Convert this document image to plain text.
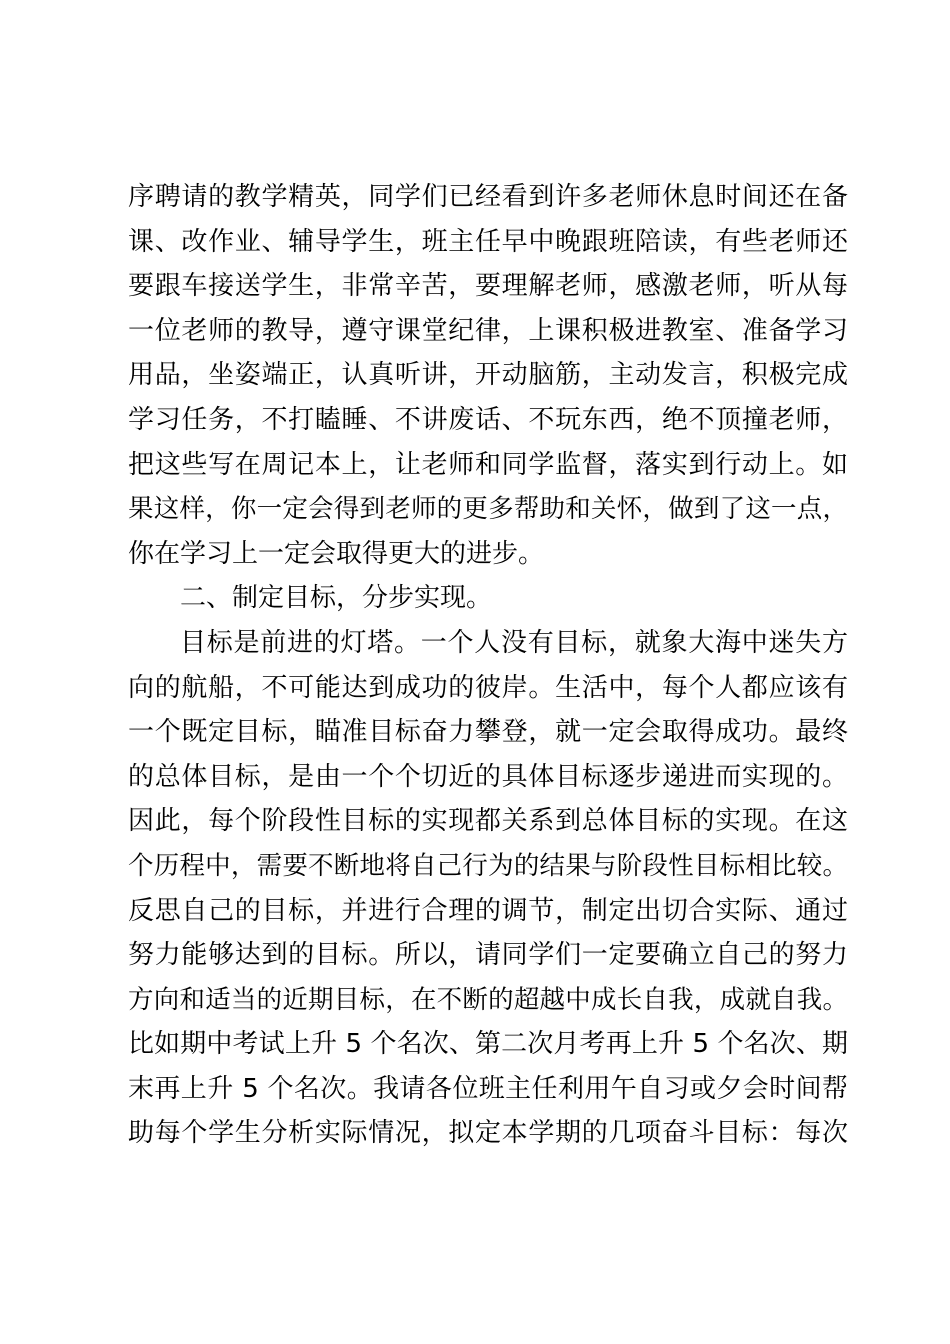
序聘请的教学精英，同学们已经看到许多老师休息时间还在备
课、改作业、辅导学生，班主任早中晚跟班陪读，有些老师还
要跟车接送学生，非常辛苦，要理解老师，感激老师，听从每
一位老师的教导，遵守课堂纪律，上课积极进教室、准备学习
用品，坐姿端正，认真听讲，开动脑筋，主动发言，积极完成
学习任务，不打瞌睡、不讲废话、不玩东西，绝不顶撞老师，
把这些写在周记本上，让老师和同学监督，落实到行动上。如
果这样，你一定会得到老师的更多帮助和关怀，做到了这一点，
你在学习上一定会取得更大的进步。
二、制定目标，分步实现。
目标是前进的灯塔。一个人没有目标，就象大海中迷失方
向的航船，不可能达到成功的彼岸。生活中，每个人都应该有
一个既定目标，瞄准目标奋力攀登，就一定会取得成功。最终
的总体目标，是由一个个切近的具体目标逐步递进而实现的。
因此，每个阶段性目标的实现都关系到总体目标的实现。在这
个历程中，需要不断地将自己行为的结果与阶段性目标相比较。
反思自己的目标，并进行合理的调节，制定出切合实际、通过
努力能够达到的目标。所以，请同学们一定要确立自己的努力
方向和适当的近期目标，在不断的超越中成长自我，成就自我。
比如期中考试上升 5 个名次、第二次月考再上升 5 个名次、期
末再上升 5 个名次。我请各位班主任利用午自习或夕会时间帮
助每个学生分析实际情况，拟定本学期的几项奋斗目标：每次
